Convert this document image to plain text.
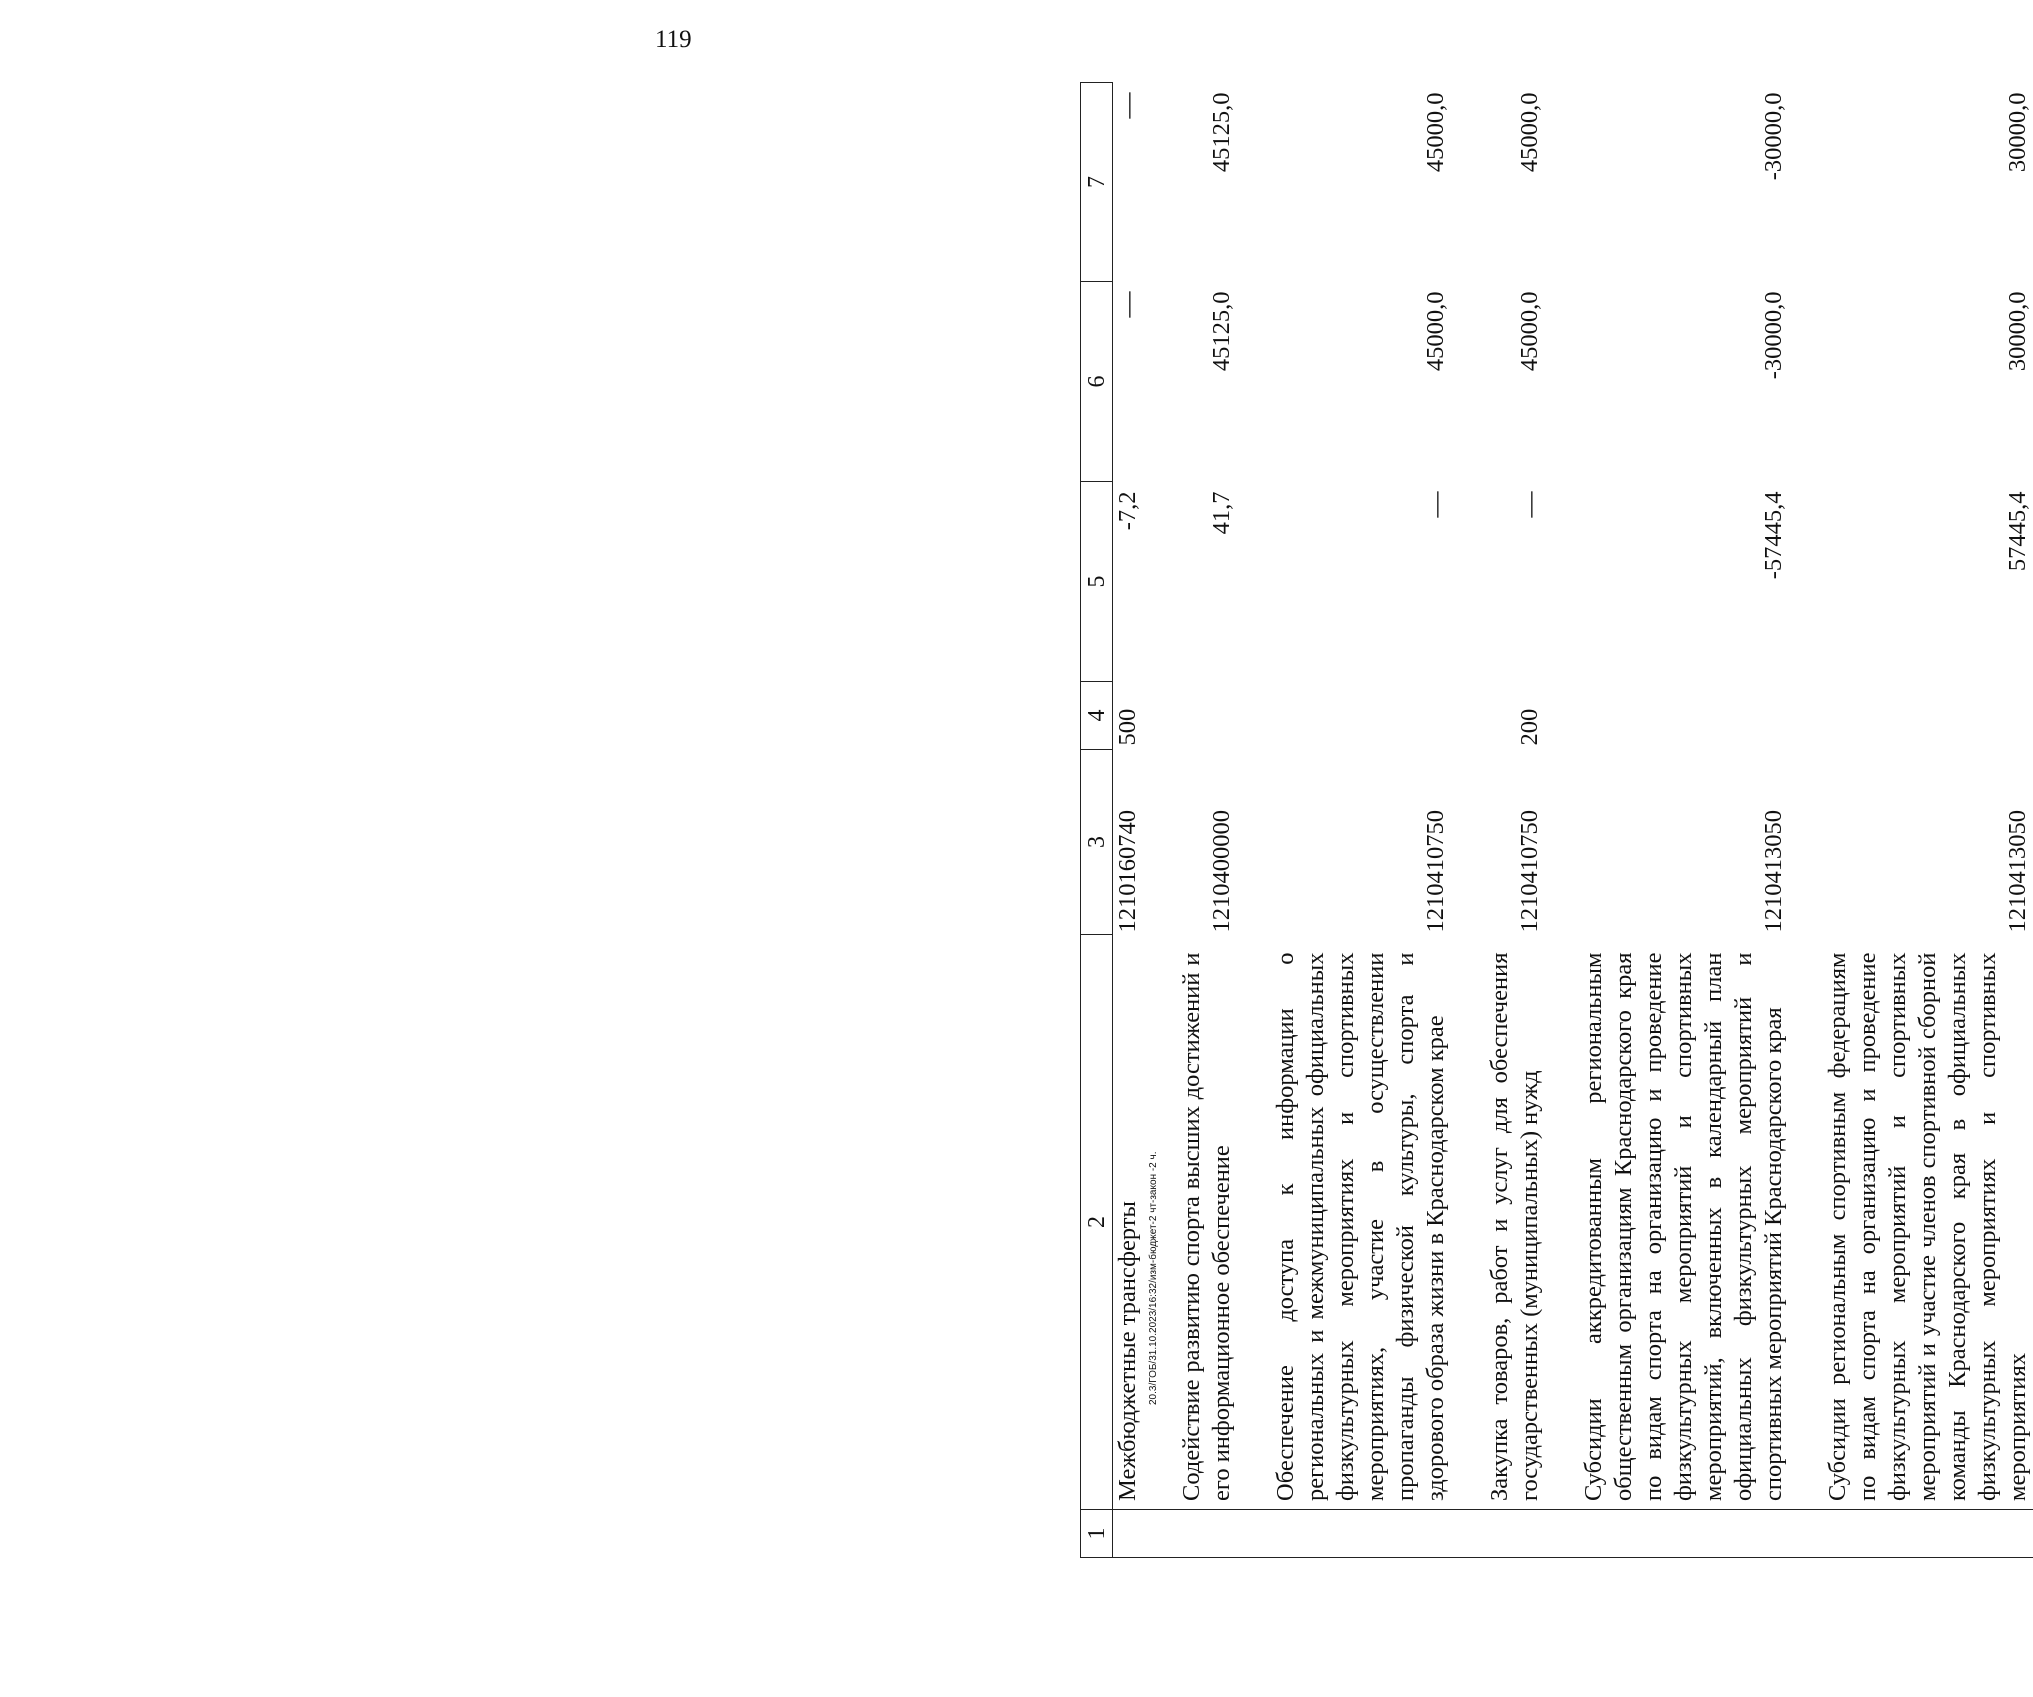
119
1	2	3	4	5	6	7
	Межбюджетные трансферты	1210160740	500	-7,2	—	—

	Содействие развитию спорта высших достижений и его информационное обеспечение	1210400000		41,7	45125,0	45125,0

	Обеспечение доступа к информации о региональных и межмуниципальных официальных физкультурных мероприятиях и спортивных мероприятиях, участие в осуществлении пропаганды физической культуры, спорта и здорового образа жизни в Краснодарском крае	1210410750		—	45000,0	45000,0

	Закупка товаров, работ и услуг для обеспечения государственных (муниципальных) нужд	1210410750	200	—	45000,0	45000,0

	Субсидии аккредитованным региональным общественным организациям Краснодарского края по видам спорта на организацию и проведение физкультурных мероприятий и спортивных мероприятий, включенных в календарный план официальных физкультурных мероприятий и спортивных мероприятий Краснодарского края	1210413050		-57445,4	-30000,0	-30000,0

	Субсидии региональным спортивным федерациям по видам спорта на организацию и проведение физкультурных мероприятий и спортивных мероприятий и участие членов спортивной сборной команды Краснодарского края в официальных физкультурных мероприятиях и спортивных мероприятиях	1210413050		57445,4	30000,0	30000,0
20.3/ГОБ/31.10.2023/16:32/изм-бюджет-2 чт-закон -2 ч.
